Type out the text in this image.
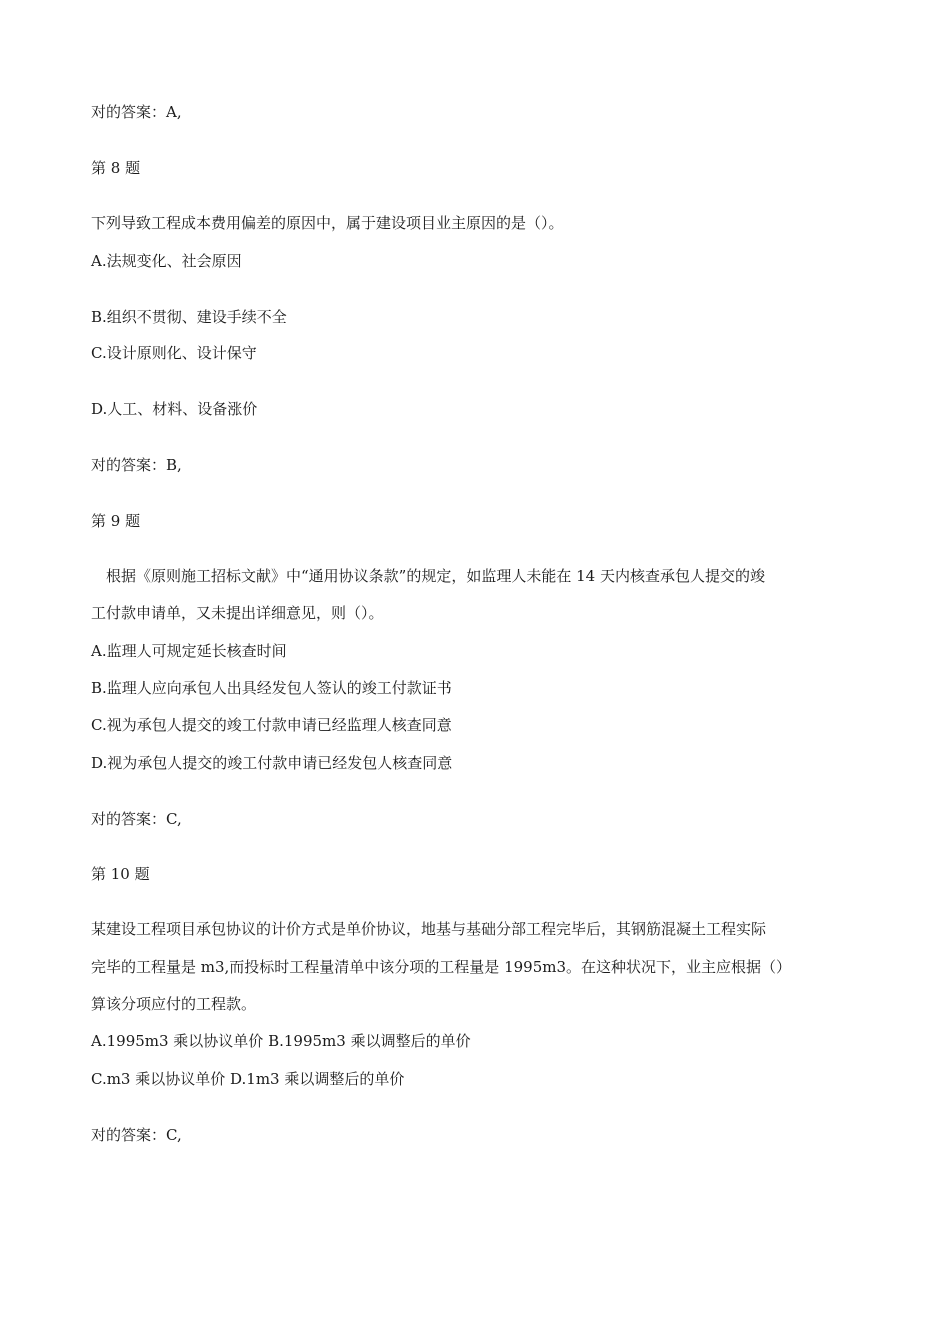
对的答案：A,
第 8 题
下列导致工程成本费用偏差的原因中，属于建设项目业主原因的是（）。
A.法规变化、社会原因
B.组织不贯彻、建设手续不全
C.设计原则化、设计保守
D.人工、材料、设备涨价
对的答案：B,
第 9 题
根据《原则施工招标文献》中“通用协议条款”的规定，如监理人未能在 14 天内核查承包人提交的竣
工付款申请单，又未提出详细意见，则（）。
A.监理人可规定延长核查时间
B.监理人应向承包人出具经发包人签认的竣工付款证书
C.视为承包人提交的竣工付款申请已经监理人核查同意
D.视为承包人提交的竣工付款申请已经发包人核查同意
对的答案：C,
第 10 题
某建设工程项目承包协议的计价方式是单价协议，地基与基础分部工程完毕后，其钢筋混凝土工程实际
完毕的工程量是 m3,而投标时工程量清单中该分项的工程量是 1995m3。在这种状况下，业主应根据（）
算该分项应付的工程款。
A.1995m3 乘以协议单价 B.1995m3 乘以调整后的单价
C.m3 乘以协议单价 D.1m3 乘以调整后的单价
对的答案：C,
